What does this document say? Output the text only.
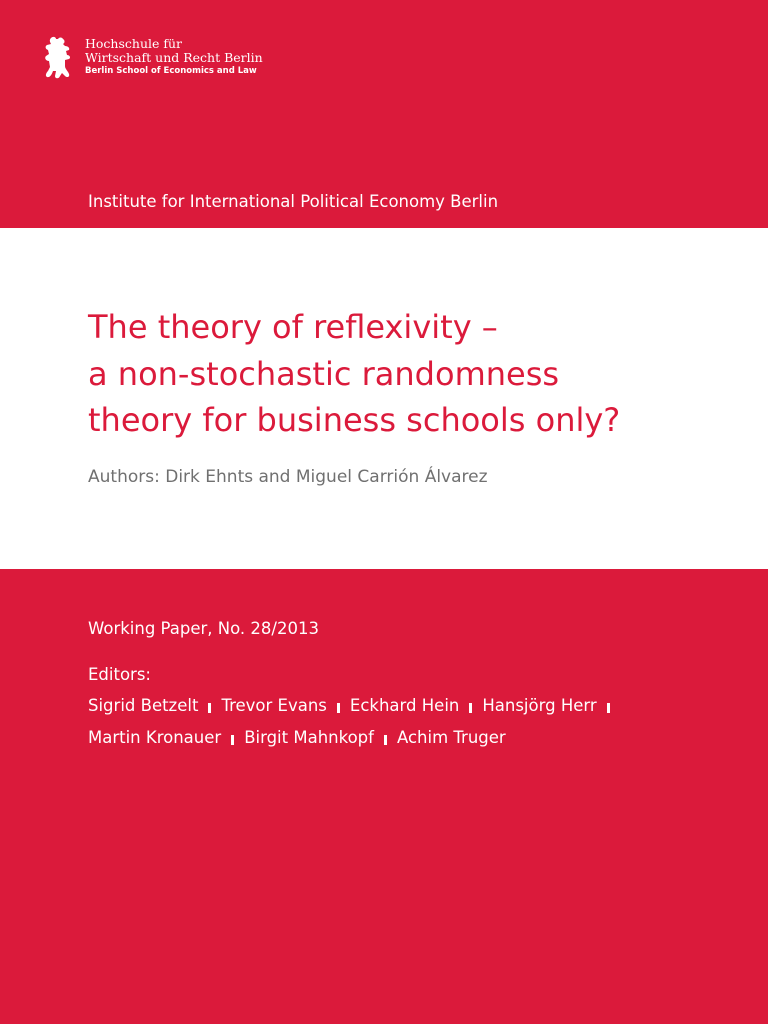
Hochschule für
Wirtschaft und Recht Berlin
Berlin School of Economics and Law
Institute for International Political Economy Berlin
The theory of reflexivity –
a non-stochastic randomness
theory for business schools only?
Authors: Dirk Ehnts and Miguel Carrión Álvarez
Working Paper, No. 28/2013
Editors:
Sigrid Betzelt Trevor Evans Eckhard Hein Hansjörg Herr
Martin Kronauer Birgit Mahnkopf Achim Truger
